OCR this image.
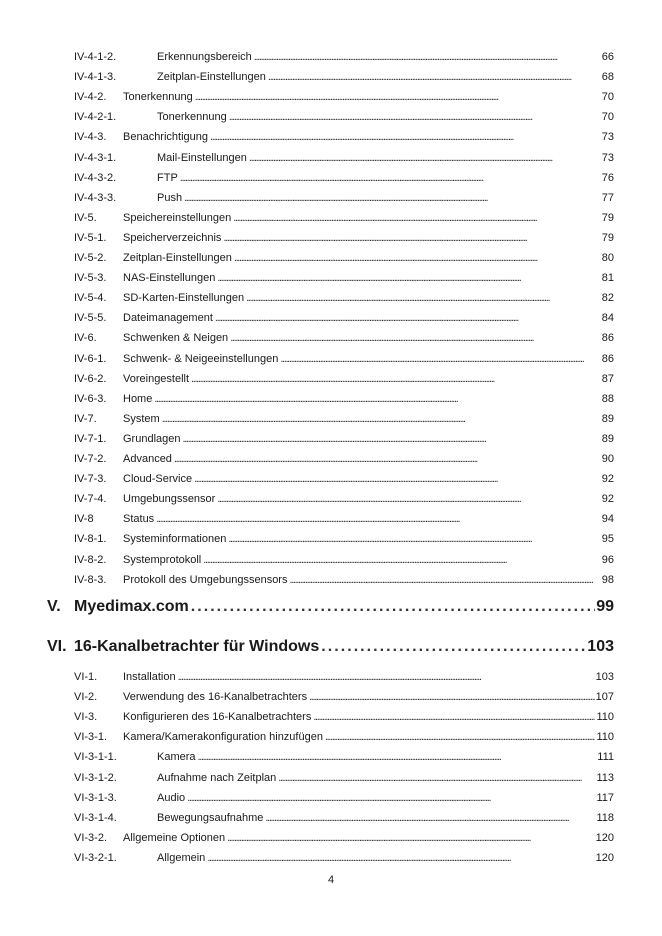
IV-4-1-2.	Erkennungsbereich . . .	66
IV-4-1-3.	Zeitplan-Einstellungen . . .	68
IV-4-2.	Tonerkennung . . .	70
IV-4-2-1.	Tonerkennung . . .	70
IV-4-3.	Benachrichtigung . . .	73
IV-4-3-1.	Mail-Einstellungen . . .	73
IV-4-3-2.	FTP . . .	76
IV-4-3-3.	Push . . .	77
IV-5.	Speichereinstellungen . . .	79
IV-5-1.	Speicherverzeichnis . . .	79
IV-5-2.	Zeitplan-Einstellungen . . .	80
IV-5-3.	NAS-Einstellungen . . .	81
IV-5-4.	SD-Karten-Einstellungen . . .	82
IV-5-5.	Dateimanagement . . .	84
IV-6.	Schwenken & Neigen . . .	86
IV-6-1.	Schwenk- & Neigeeinstellungen . . .	86
IV-6-2.	Voreingestellt . . .	87
IV-6-3.	Home . . .	88
IV-7.	System . . .	89
IV-7-1.	Grundlagen . . .	89
IV-7-2.	Advanced . . .	90
IV-7-3.	Cloud-Service . . .	92
IV-7-4.	Umgebungssensor . . .	92
IV-8	Status . . .	94
IV-8-1.	Systeminformationen . . .	95
IV-8-2.	Systemprotokoll . . .	96
IV-8-3.	Protokoll des Umgebungssensors . . .	98
V. Myedimax.com . . .	99
VI. 16-Kanalbetrachter für Windows . . .	103
VI-1.	Installation . . .	103
VI-2.	Verwendung des 16-Kanalbetrachters . . .	107
VI-3.	Konfigurieren des 16-Kanalbetrachters . . .	110
VI-3-1.	Kamera/Kamerakonfiguration hinzufügen . . .	110
VI-3-1-1.	Kamera . . .	111
VI-3-1-2.	Aufnahme nach Zeitplan . . .	113
VI-3-1-3.	Audio . . .	117
VI-3-1-4.	Bewegungsaufnahme . . .	118
VI-3-2.	Allgemeine Optionen . . .	120
VI-3-2-1.	Allgemein . . .	120
4
